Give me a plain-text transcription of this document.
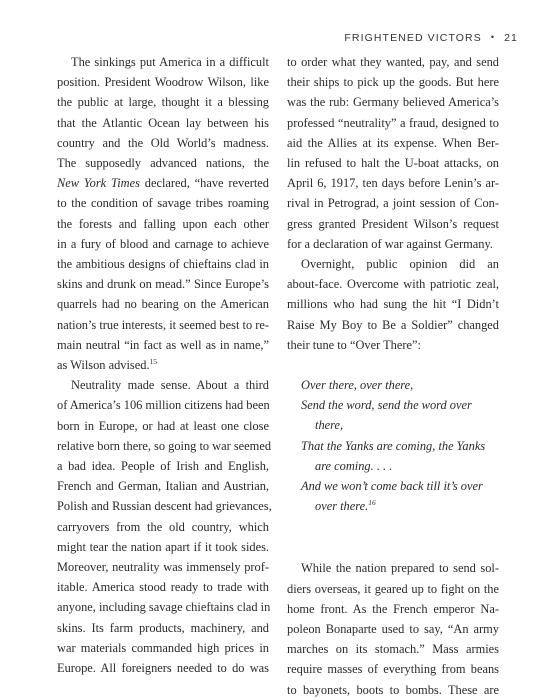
FRIGHTENED VICTORS • 21
The sinkings put America in a difficult
position. President Woodrow Wilson, like
the public at large, thought it a blessing
that the Atlantic Ocean lay between his
country and the Old World’s madness.
The supposedly advanced nations, the
New York Times declared, “have reverted
to the condition of savage tribes roaming
the forests and falling upon each other
in a fury of blood and carnage to achieve
the ambitious designs of chieftains clad in
skins and drunk on mead.” Since Europe’s
quarrels had no bearing on the American
nation’s true interests, it seemed best to re-
main neutral “in fact as well as in name,”
as Wilson advised.$^{15}$
Neutrality made sense. About a third
of America’s 106 million citizens had been
born in Europe, or had at least one close
relative born there, so going to war seemed
a bad idea. People of Irish and English,
French and German, Italian and Austrian,
Polish and Russian descent had grievances,
carryovers from the old country, which
might tear the nation apart if it took sides.
Moreover, neutrality was immensely prof-
itable. America stood ready to trade with
anyone, including savage chieftains clad in
skins. Its farm products, machinery, and
war materials commanded high prices in
Europe. All foreigners needed to do was
to order what they wanted, pay, and send
their ships to pick up the goods. But here
was the rub: Germany believed America’s
professed “neutrality” a fraud, designed to
aid the Allies at its expense. When Ber-
lin refused to halt the U-boat attacks, on
April 6, 1917, ten days before Lenin’s ar-
rival in Petrograd, a joint session of Con-
gress granted President Wilson’s request
for a declaration of war against Germany.
Overnight, public opinion did an
about-face. Overcome with patriotic zeal,
millions who had sung the hit “I Didn’t
Raise My Boy to Be a Soldier” changed
their tune to “Over There”:
Over there, over there,
Send the word, send the word over
there,
That the Yanks are coming, the Yanks
are coming. . . .
And we won’t come back till it’s over
over there.$^{16}$
While the nation prepared to send sol-
diers overseas, it geared up to fight on the
home front. As the French emperor Na-
poleon Bonaparte used to say, “An army
marches on its stomach.” Mass armies
require masses of everything from beans
to bayonets, boots to bombs. These are
